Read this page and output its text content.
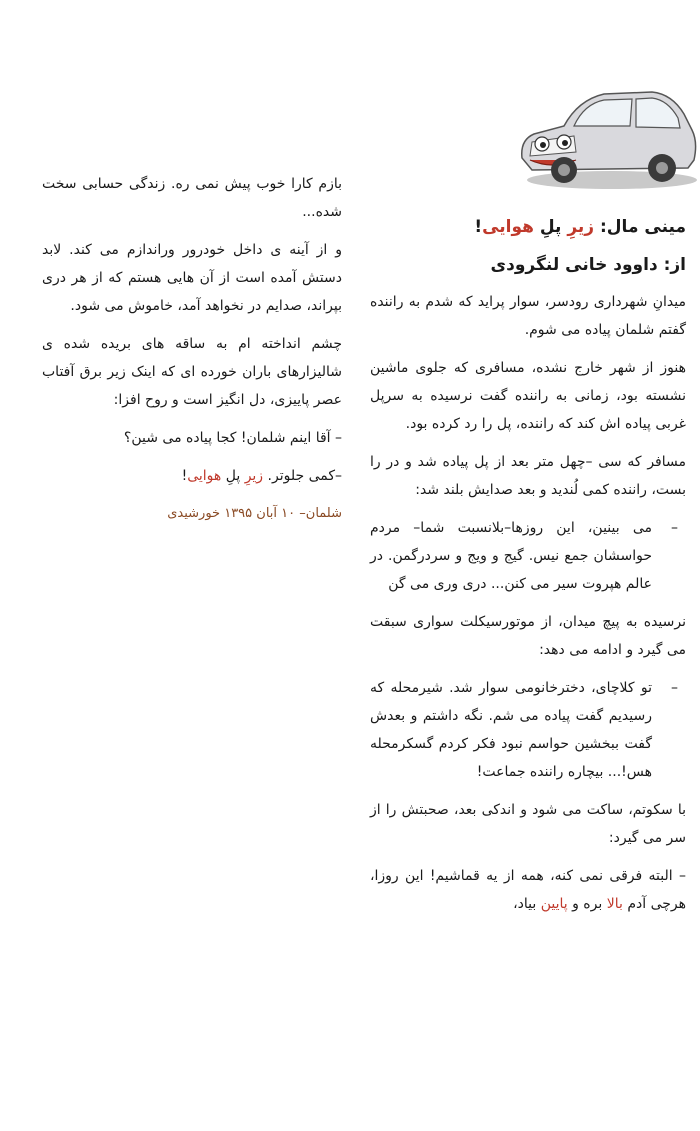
مینی مال: زیرِ پلِ هوایی!
از: داوود خانی لنگرودی

میدانِ شهرداری رودسر، سوار پراید که شدم به راننده گفتم شلمان پیاده می شوم.

هنوز از شهر خارج نشده، مسافری که جلوی ماشین نشسته بود، زمانی به راننده گفت نرسیده به سرپل غربی پیاده اش کند که راننده، پل را رد کرده بود.

مسافر که سی –چهل متر بعد از پل پیاده شد و در را بست، راننده کمی لُندید و بعد صدایش بلند شد:

–
می بینین، این روزها–بلانسبت شما– مردم حواسشان جمع نیس. گیج و ویج و سردرگمن. در عالم هپروت سیر می کنن... دری وری می گن

نرسیده به پیچ میدان، از موتورسیکلت سواری سبقت می گیرد و ادامه می دهد:

–
تو کلاچای، دخترخانومی سوار شد. شیرمحله که رسیدیم گفت پیاده می شم. نگه داشتم و بعدش گفت ببخشین حواسم نبود فکر کردم گسکرمحله هس!... بیچاره راننده جماعت!

با سکوتم، ساکت می شود و اندکی بعد، صحبتش را از سر می گیرد:

– البته فرقی نمی کنه، همه از یه قماشیم! این روزا، هرچی آدم بالا بره و پایین بیاد،

بازم کارا خوب پیش نمی ره. زندگی حسابی سخت شده...

و از آینه ی داخل خودرور وراندازم می کند. لابد دستش آمده است از آن هایی هستم که از هر دری بپراند، صدایم در نخواهد آمد، خاموش می شود.

چشم انداخته ام به ساقه های بریده شده ی شالیزارهای باران خورده ای که اینک زیر برق آفتاب عصر پاییزی، دل انگیز است و روح افزا:

– آقا اینم شلمان! کجا پیاده می شین؟

–کمی جلوتر. زیرِ پلِ هوایی!

شلمان– ۱۰ آبان ۱۳۹۵ خورشیدی
